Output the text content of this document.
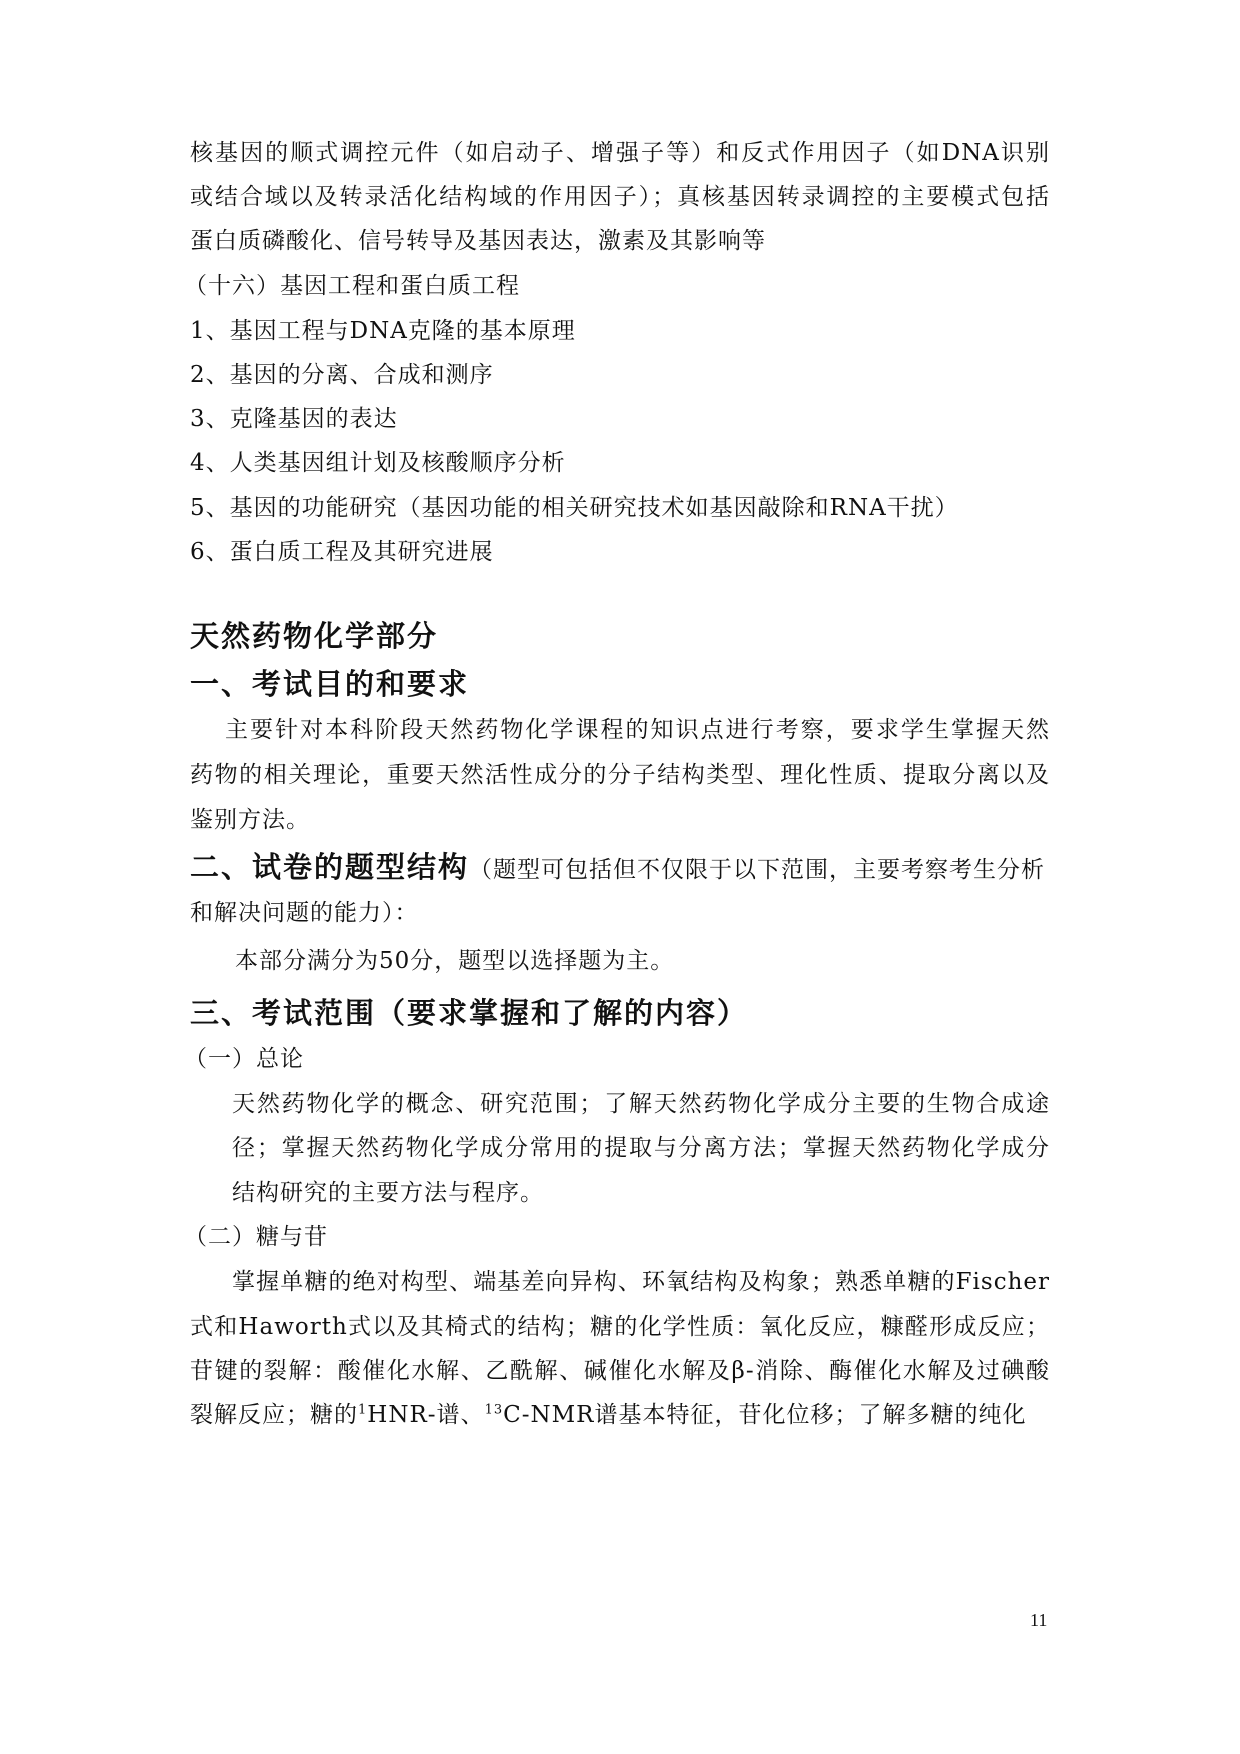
核基因的顺式调控元件（如启动子、增强子等）和反式作用因子（如DNA识别
或结合域以及转录活化结构域的作用因子）；真核基因转录调控的主要模式包括
蛋白质磷酸化、信号转导及基因表达，激素及其影响等
（十六）基因工程和蛋白质工程
1、基因工程与DNA克隆的基本原理
2、基因的分离、合成和测序
3、克隆基因的表达
4、人类基因组计划及核酸顺序分析
5、基因的功能研究（基因功能的相关研究技术如基因敲除和RNA干扰）
6、蛋白质工程及其研究进展
天然药物化学部分
一、考试目的和要求
主要针对本科阶段天然药物化学课程的知识点进行考察，要求学生掌握天然
药物的相关理论，重要天然活性成分的分子结构类型、理化性质、提取分离以及
鉴别方法。
二、试卷的题型结构（题型可包括但不仅限于以下范围，主要考察考生分析
和解决问题的能力）：
本部分满分为50分，题型以选择题为主。
三、考试范围（要求掌握和了解的内容）
（一）总论
天然药物化学的概念、研究范围；了解天然药物化学成分主要的生物合成途
径；掌握天然药物化学成分常用的提取与分离方法；掌握天然药物化学成分
结构研究的主要方法与程序。
（二）糖与苷
掌握单糖的绝对构型、端基差向异构、环氧结构及构象；熟悉单糖的Fischer
式和Haworth式以及其椅式的结构；糖的化学性质：氧化反应，糠醛形成反应；
苷键的裂解：酸催化水解、乙酰解、碱催化水解及β-消除、酶催化水解及过碘酸
裂解反应；糖的$^1$HNR-谱、$^{13}$C-NMR谱基本特征，苷化位移；了解多糖的纯化
11
